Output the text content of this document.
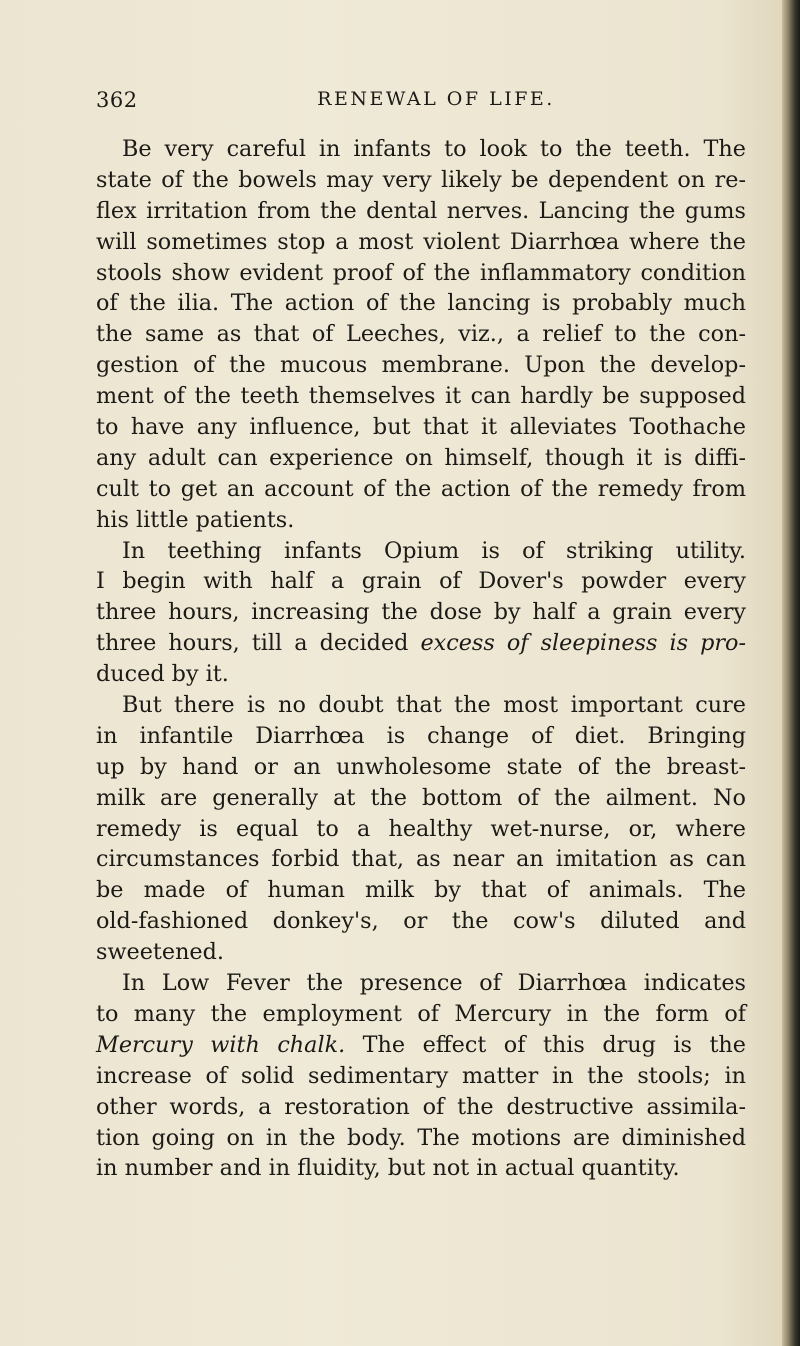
362	RENEWAL OF LIFE.
Be very careful in infants to look to the teeth. The
state of the bowels may very likely be dependent on re-
flex irritation from the dental nerves. Lancing the gums
will sometimes stop a most violent Diarrhœa where the
stools show evident proof of the inflammatory condition
of the ilia. The action of the lancing is probably much
the same as that of Leeches, viz., a relief to the con-
gestion of the mucous membrane. Upon the develop-
ment of the teeth themselves it can hardly be supposed
to have any influence, but that it alleviates Toothache
any adult can experience on himself, though it is diffi-
cult to get an account of the action of the remedy from
his little patients.
In teething infants Opium is of striking utility.
I begin with half a grain of Dover's powder every
three hours, increasing the dose by half a grain every
three hours, till a decided excess of sleepiness is pro-
duced by it.
But there is no doubt that the most important cure
in infantile Diarrhœa is change of diet. Bringing
up by hand or an unwholesome state of the breast-
milk are generally at the bottom of the ailment. No
remedy is equal to a healthy wet-nurse, or, where
circumstances forbid that, as near an imitation as can
be made of human milk by that of animals. The
old-fashioned donkey's, or the cow's diluted and
sweetened.
In Low Fever the presence of Diarrhœa indicates
to many the employment of Mercury in the form of
Mercury with chalk. The effect of this drug is the
increase of solid sedimentary matter in the stools; in
other words, a restoration of the destructive assimila-
tion going on in the body. The motions are diminished
in number and in fluidity, but not in actual quantity.
